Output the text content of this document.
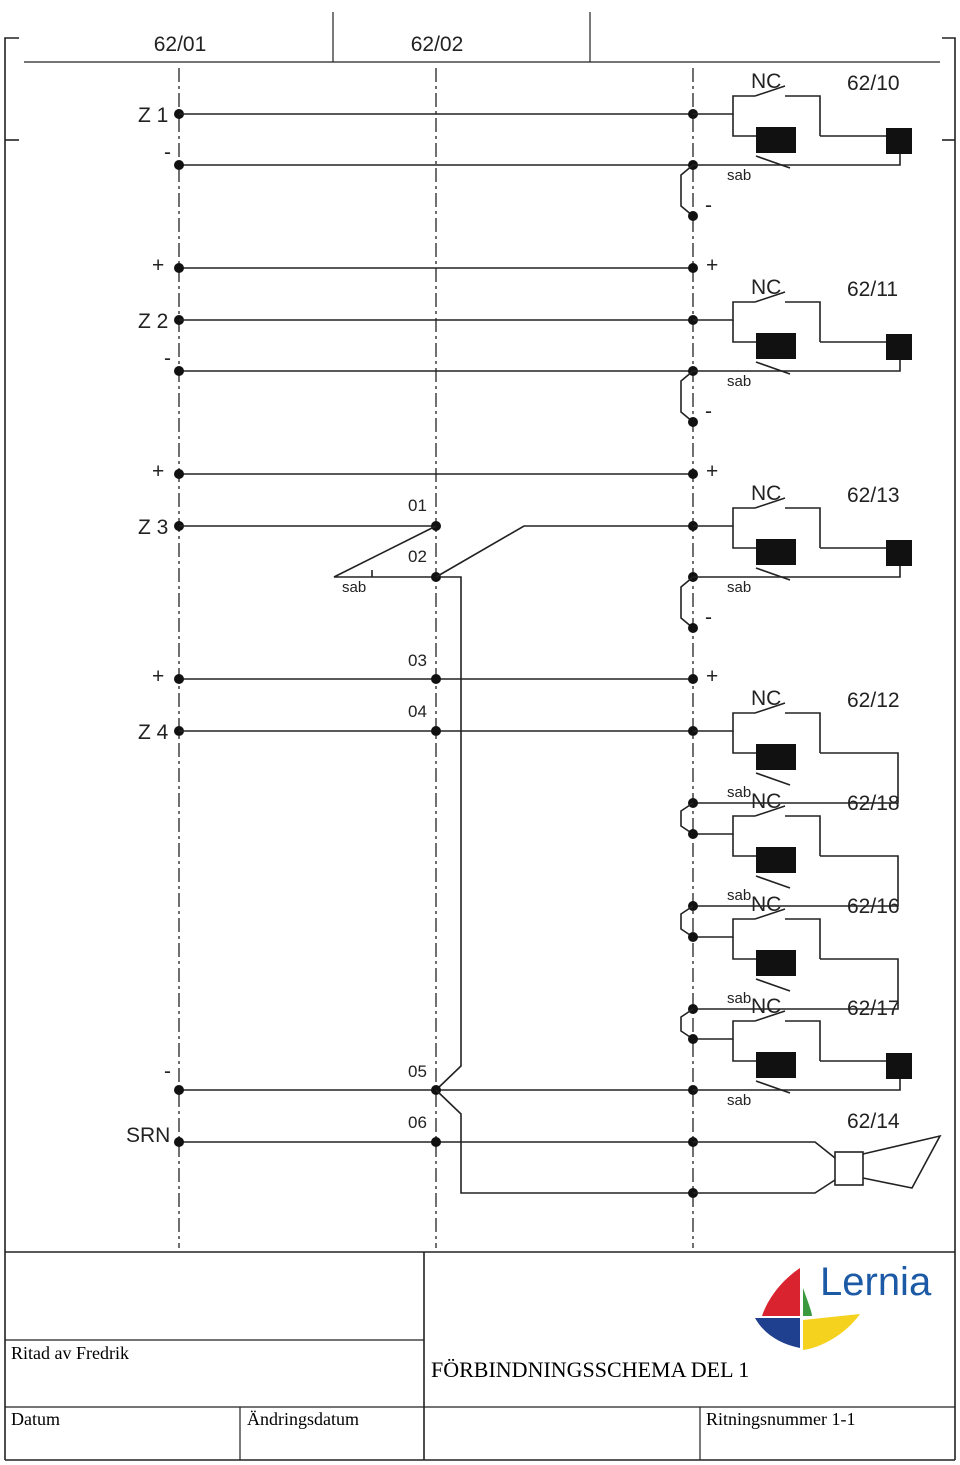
62/01	62/02
Z 1
-
+	+
Z 2
-
+	+
Z 3
+	+
Z 4
sab
-
SRN
01
02
03
04
05
06
-
-
-
NC	62/10
sab
NC	62/11
sab
NC	62/13
sab
NC	62/12
sab NC	62/18
sab NC	62/16
sab NC	62/17
sab
62/14
Lernia
Ritad av Fredrik
FÖRBINDNINGSSCHEMA DEL 1
Datum	Ändringsdatum	Ritningsnummer 1-1
